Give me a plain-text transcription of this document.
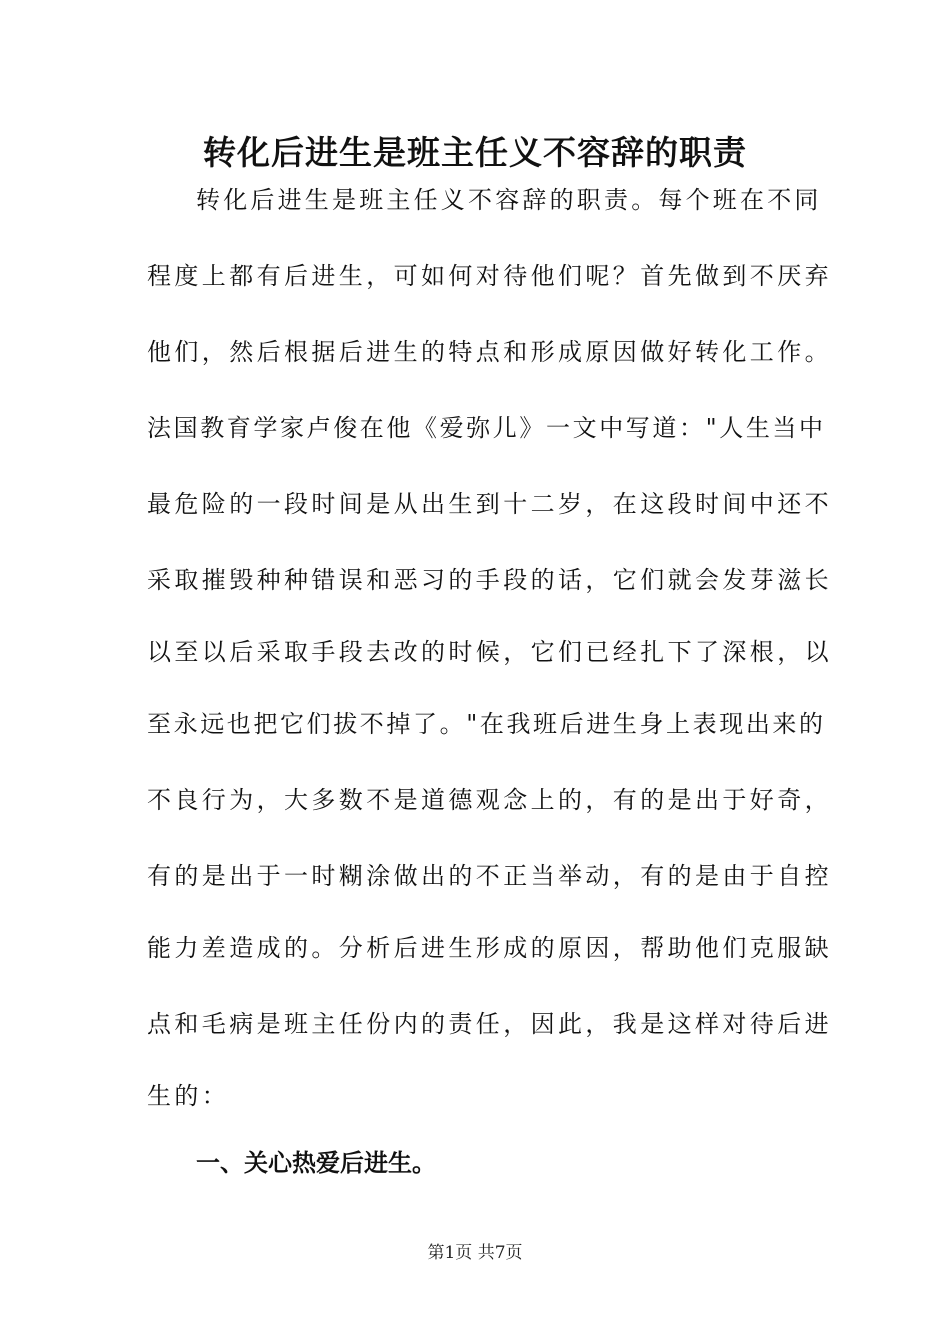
转化后进生是班主任义不容辞的职责
转化后进生是班主任义不容辞的职责。每个班在不同
程度上都有后进生，可如何对待他们呢？首先做到不厌弃
他们，然后根据后进生的特点和形成原因做好转化工作。
法国教育学家卢俊在他《爱弥儿》一文中写道："人生当中
最危险的一段时间是从出生到十二岁，在这段时间中还不
采取摧毁种种错误和恶习的手段的话，它们就会发芽滋长
以至以后采取手段去改的时候，它们已经扎下了深根，以
至永远也把它们拔不掉了。"在我班后进生身上表现出来的
不良行为，大多数不是道德观念上的，有的是出于好奇，
有的是出于一时糊涂做出的不正当举动，有的是由于自控
能力差造成的。分析后进生形成的原因，帮助他们克服缺
点和毛病是班主任份内的责任，因此，我是这样对待后进
生的：
一、关心热爱后进生。
第1页 共7页
